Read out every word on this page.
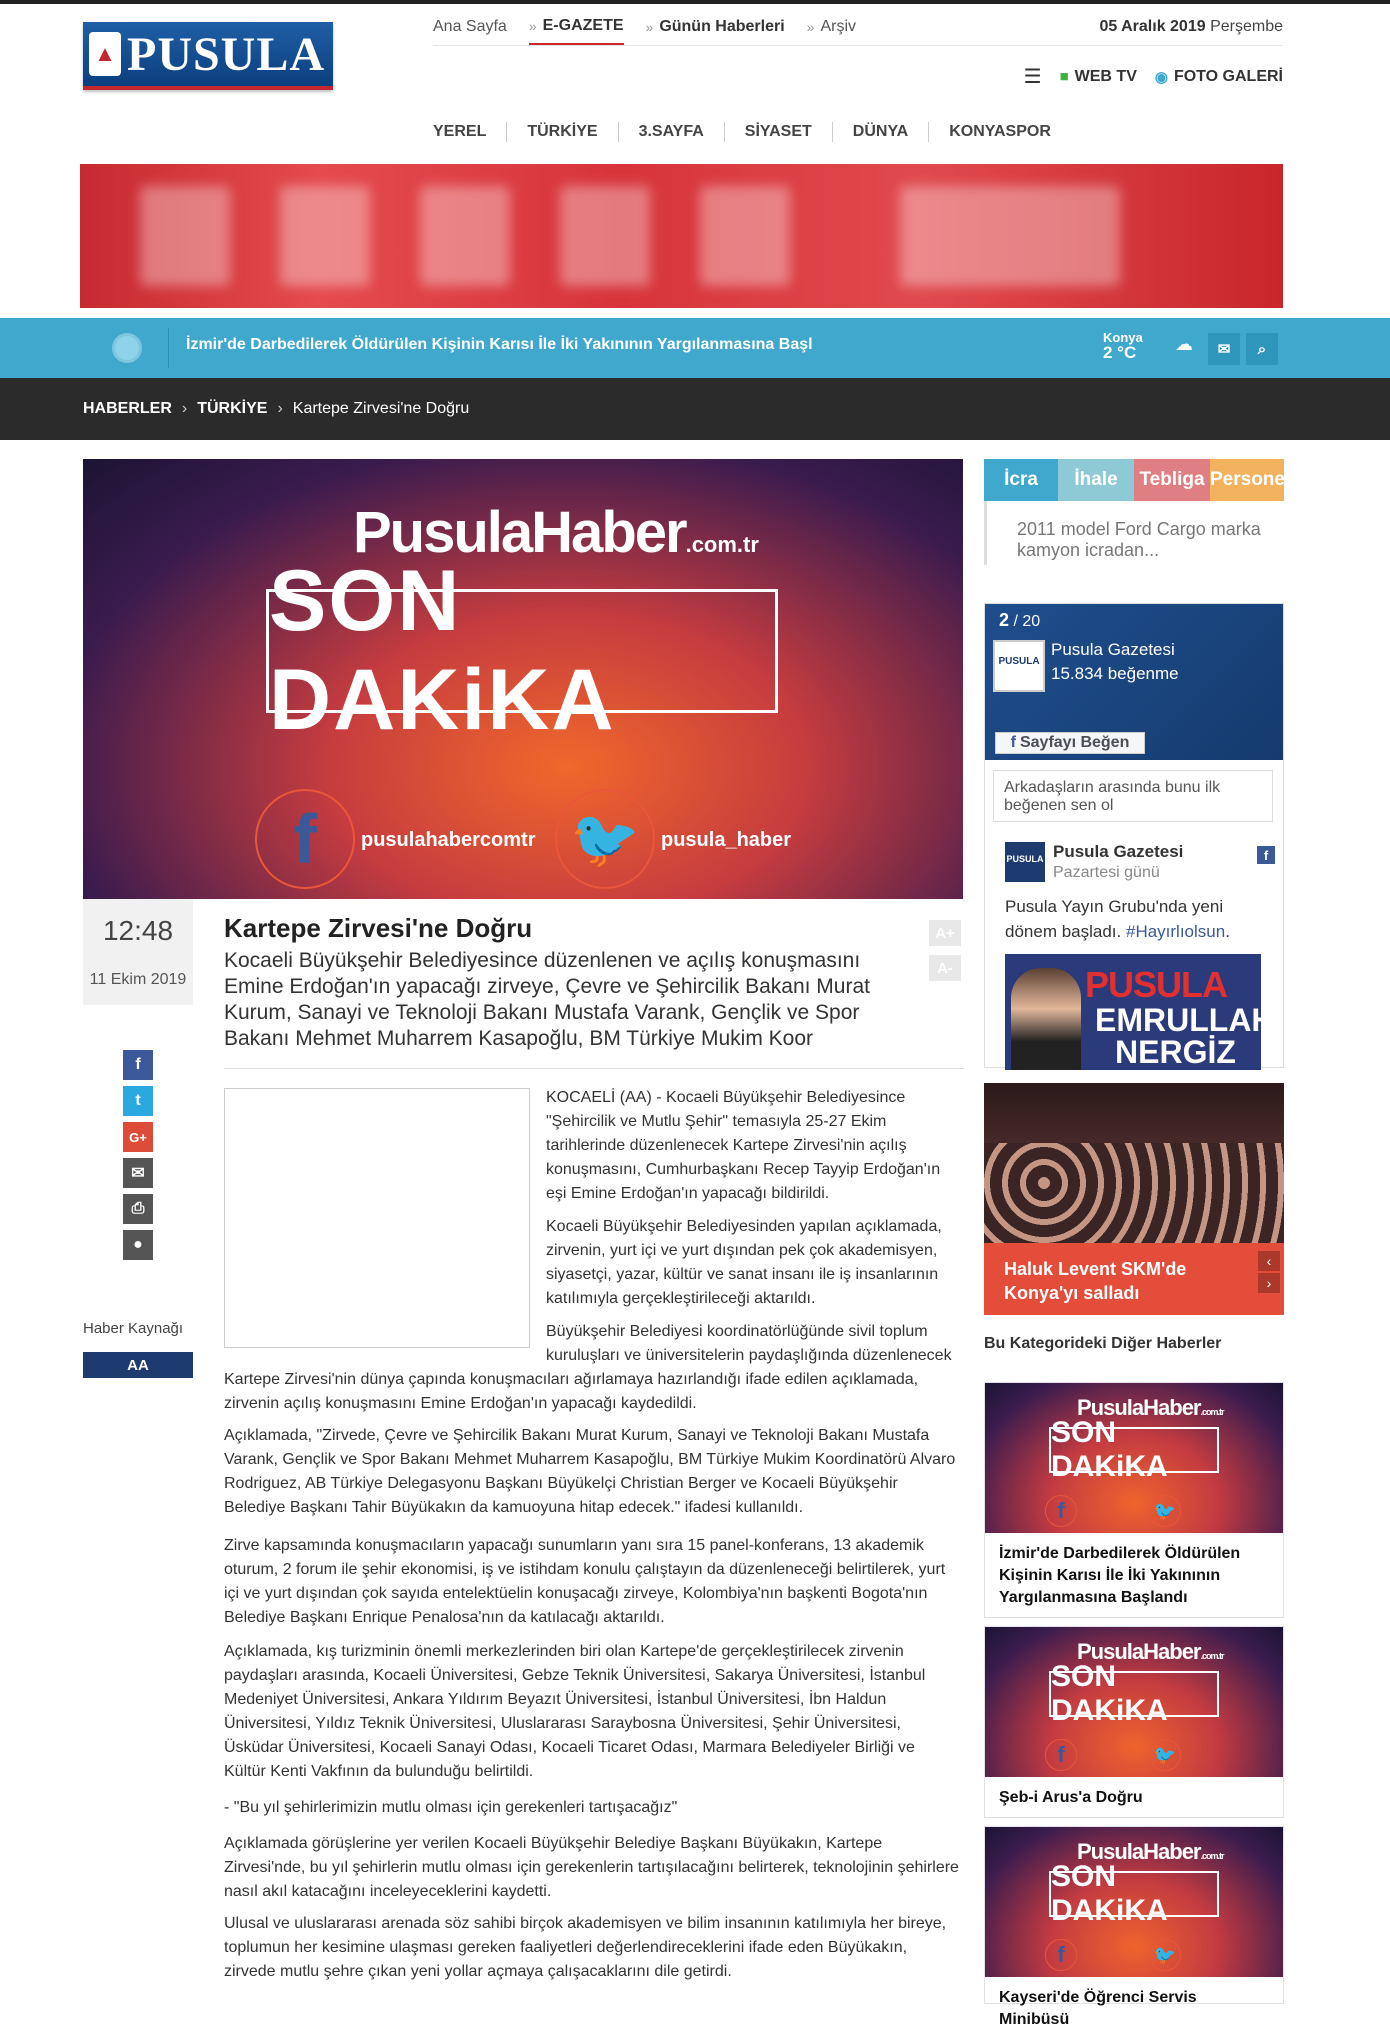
▲ PUSULA
Ana Sayfa » E-GAZETE » Günün Haberleri » Arşiv	05 Aralık 2019 Perşembe
☰ ■ WEB TV ◉ FOTO GALERİ
YEREL	TÜRKİYE	3.SAYFA	SİYASET	DÜNYA	KONYASPOR
İzmir'de Darbedilerek Öldürülen Kişinin Karısı İle İki Yakınının Yargılanmasına Başl	Konya
2 °C	☁ ✉ ⌕
HABERLER › TÜRKİYE › Kartepe Zirvesi'ne Doğru
PusulaHaber.com.tr
SON DAKiKA
f	pusulahabercomtr 🐦	pusula_haber
12:48
11 Ekim 2019
f
t
G+
✉
⎙
●
Haber Kaynağı
AA
Kartepe Zirvesi'ne Doğru
Kocaeli Büyükşehir Belediyesince düzenlenen ve açılış konuşmasını Emine Erdoğan'ın yapacağı zirveye, Çevre ve Şehircilik Bakanı Murat Kurum, Sanayi ve Teknoloji Bakanı Mustafa Varank, Gençlik ve Spor Bakanı Mehmet Muharrem Kasapoğlu, BM Türkiye Mukim Koor
A+
A-
KOCAELİ (AA) - Kocaeli Büyükşehir Belediyesince "Şehircilik ve Mutlu Şehir" temasıyla 25-27 Ekim tarihlerinde düzenlenecek Kartepe Zirvesi'nin açılış konuşmasını, Cumhurbaşkanı Recep Tayyip Erdoğan'ın eşi Emine Erdoğan'ın yapacağı bildirildi.
Kocaeli Büyükşehir Belediyesinden yapılan açıklamada, zirvenin, yurt içi ve yurt dışından pek çok akademisyen, siyasetçi, yazar, kültür ve sanat insanı ile iş insanlarının katılımıyla gerçekleştirileceği aktarıldı.
Büyükşehir Belediyesi koordinatörlüğünde sivil toplum kuruluşları ve üniversitelerin paydaşlığında düzenlenecek
Kartepe Zirvesi'nin dünya çapında konuşmacıları ağırlamaya hazırlandığı ifade edilen açıklamada, zirvenin açılış konuşmasını Emine Erdoğan'ın yapacağı kaydedildi.
Açıklamada, "Zirvede, Çevre ve Şehircilik Bakanı Murat Kurum, Sanayi ve Teknoloji Bakanı Mustafa Varank, Gençlik ve Spor Bakanı Mehmet Muharrem Kasapoğlu, BM Türkiye Mukim Koordinatörü Alvaro Rodriguez, AB Türkiye Delegasyonu Başkanı Büyükelçi Christian Berger ve Kocaeli Büyükşehir Belediye Başkanı Tahir Büyükakın da kamuoyuna hitap edecek." ifadesi kullanıldı.
Zirve kapsamında konuşmacıların yapacağı sunumların yanı sıra 15 panel-konferans, 13 akademik oturum, 2 forum ile şehir ekonomisi, iş ve istihdam konulu çalıştayın da düzenleneceği belirtilerek, yurt içi ve yurt dışından çok sayıda entelektüelin konuşacağı zirveye, Kolombiya'nın başkenti Bogota'nın Belediye Başkanı Enrique Penalosa'nın da katılacağı aktarıldı.
Açıklamada, kış turizminin önemli merkezlerinden biri olan Kartepe'de gerçekleştirilecek zirvenin paydaşları arasında, Kocaeli Üniversitesi, Gebze Teknik Üniversitesi, Sakarya Üniversitesi, İstanbul Medeniyet Üniversitesi, Ankara Yıldırım Beyazıt Üniversitesi, İstanbul Üniversitesi, İbn Haldun Üniversitesi, Yıldız Teknik Üniversitesi, Uluslararası Saraybosna Üniversitesi, Şehir Üniversitesi, Üsküdar Üniversitesi, Kocaeli Sanayi Odası, Kocaeli Ticaret Odası, Marmara Belediyeler Birliği ve Kültür Kenti Vakfının da bulunduğu belirtildi.
- "Bu yıl şehirlerimizin mutlu olması için gerekenleri tartışacağız"
Açıklamada görüşlerine yer verilen Kocaeli Büyükşehir Belediye Başkanı Büyükakın, Kartepe Zirvesi'nde, bu yıl şehirlerin mutlu olması için gerekenlerin tartışılacağını belirterek, teknolojinin şehirlere nasıl akıl katacağını inceleyeceklerini kaydetti.
Ulusal ve uluslararası arenada söz sahibi birçok akademisyen ve bilim insanının katılımıyla her bireye, toplumun her kesimine ulaşması gereken faaliyetleri değerlendireceklerini ifade eden Büyükakın, zirvede mutlu şehre çıkan yeni yollar açmaya çalışacaklarını dile getirdi.
İcra	İhale	Tebliga Persone
2011 model Ford Cargo marka kamyon icradan...
2 / 20
PUSULA
Pusula Gazetesi
15.834 beğenme
f Sayfayı Beğen
Arkadaşların arasında bunu ilk beğenen sen ol
PUSULA Pusula Gazetesi
Pazartesi günü
f
Pusula Yayın Grubu'nda yeni dönem başladı. #Hayırlıolsun.
PUSULA
EMRULLAH
NERGİZ
Haluk Levent SKM'de Konya'yı salladı
‹
›
Bu Kategorideki Diğer Haberler
PusulaHaber.com.tr
SON DAKiKA
f	🐦
İzmir'de Darbedilerek Öldürülen Kişinin Karısı İle İki Yakınının Yargılanmasına Başlandı
PusulaHaber.com.tr
SON DAKiKA
f	🐦
Şeb-i Arus'a Doğru
PusulaHaber.com.tr
SON DAKiKA
f	🐦
Kayseri'de Öğrenci Servis Minibüsü
